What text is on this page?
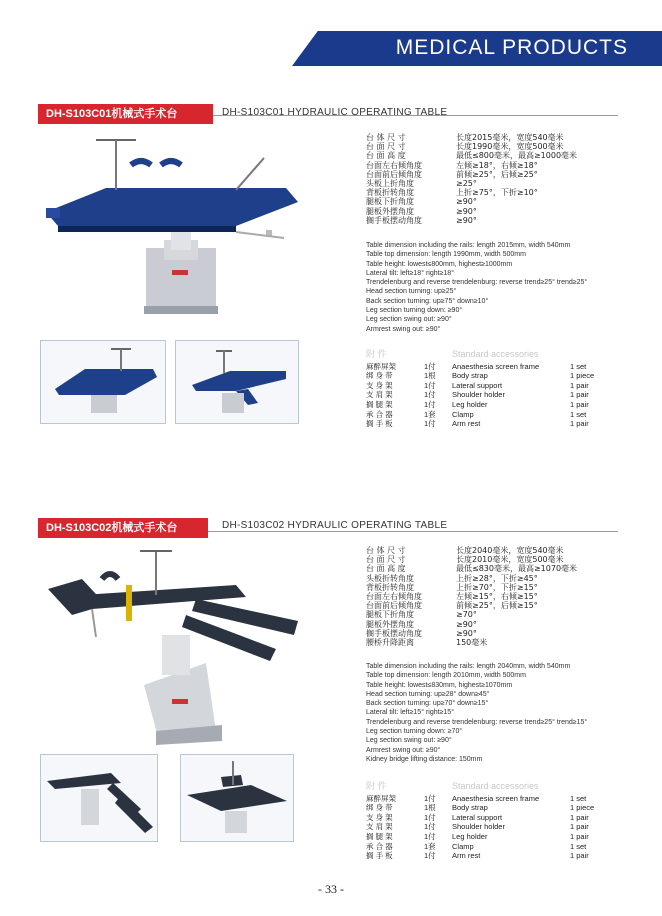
MEDICAL PRODUCTS
DH-S103C01机械式手术台	DH-S103C01 HYDRAULIC OPERATING TABLE
台 体 尺 寸	长度2015毫米，宽度540毫米
台 面 尺 寸	长度1990毫米，宽度500毫米
台 面 高 度	最低≤800毫米，最高≥1000毫米
台面左右倾角度	左倾≥18°，右倾≥18°
台面前后倾角度	前倾≥25°，后倾≥25°
头板上折角度	≥25°
背板折转角度	上折≥75°，下折≥10°
腿板下折角度	≥90°
腿板外摆角度	≥90°
搁手板摆动角度	≥90°
Table dimension including the rails: length 2015mm, width 540mm
Table top dimension: length 1990mm, width 500mm
Table height: lowest≤800mm, highest≥1000mm
Lateral tilt: left≥18° right≥18°
Trendelenburg and reverse trendelenburg: reverse trend≥25° trend≥25°
Head section turning: up≥25°
Back section turning: up≥75° down≥10°
Leg section turning down: ≥90°
Leg section swing out: ≥90°
Armrest swing out: ≥90°
附 件	Standard accessories
麻醉屏架	1付	Anaesthesia screen frame	1 set
绑 身 带	1根	Body strap	1 piece
支 身 架	1付	Lateral support	1 pair
支 肩 架	1付	Shoulder holder	1 pair
搁 腿 架	1付	Leg holder	1 pair
承 合 器	1套	Clamp	1 set
搁 手 板	1付	Arm rest	1 pair
DH-S103C02机械式手术台	DH-S103C02 HYDRAULIC OPERATING TABLE
台 体 尺 寸	长度2040毫米，宽度540毫米
台 面 尺 寸	长度2010毫米，宽度500毫米
台 面 高 度	最低≤830毫米，最高≥1070毫米
头板折转角度	上折≥28°，下折≥45°
背板折转角度	上折≥70°，下折≥15°
台面左右倾角度	左倾≥15°，右倾≥15°
台面前后倾角度	前倾≥25°，后倾≥15°
腿板下折角度	≥70°
腿板外摆角度	≥90°
搁手板摆动角度	≥90°
腰桥升降距离	150毫米
Table dimension including the rails: length 2040mm, width 540mm
Table top dimension: length 2010mm, width 500mm
Table height: lowest≤830mm, highest≥1070mm
Head section turning: up≥28° down≥45°
Back section turning: up≥70° down≥15°
Lateral tilt: left≥15° right≥15°
Trendelenburg and reverse trendelenburg: reverse trend≥25° trend≥15°
Leg section turning down: ≥70°
Leg section swing out: ≥90°
Armrest swing out: ≥90°
Kidney bridge lifting distance: 150mm
附 件	Standard accessories
麻醉屏架	1付	Anaesthesia screen frame	1 set
绑 身 带	1根	Body strap	1 piece
支 身 架	1付	Lateral support	1 pair
支 肩 架	1付	Shoulder holder	1 pair
搁 腿 架	1付	Leg holder	1 pair
承 合 器	1套	Clamp	1 set
搁 手 板	1付	Arm rest	1 pair
- 33 -
